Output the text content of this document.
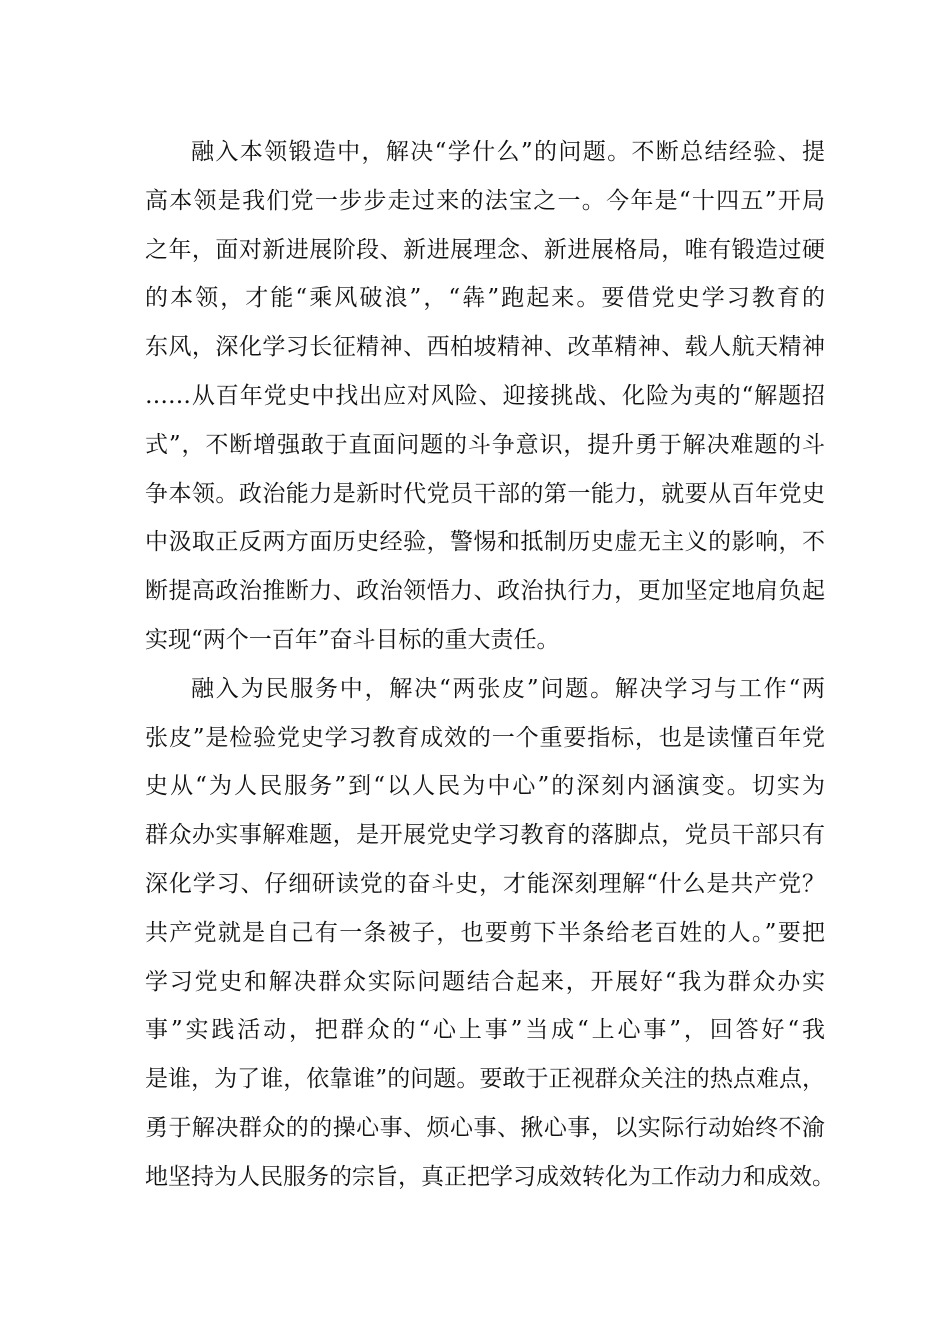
融入本领锻造中，解决“学什么”的问题。不断总结经验、提
高本领是我们党一步步走过来的法宝之一。今年是“十四五”开局
之年，面对新进展阶段、新进展理念、新进展格局，唯有锻造过硬
的本领，才能“乘风破浪”，“犇”跑起来。要借党史学习教育的
东风，深化学习长征精神、西柏坡精神、改革精神、载人航天精神
……从百年党史中找出应对风险、迎接挑战、化险为夷的“解题招
式”，不断增强敢于直面问题的斗争意识，提升勇于解决难题的斗
争本领。政治能力是新时代党员干部的第一能力，就要从百年党史
中汲取正反两方面历史经验，警惕和抵制历史虚无主义的影响，不
断提高政治推断力、政治领悟力、政治执行力，更加坚定地肩负起
实现“两个一百年”奋斗目标的重大责任。
融入为民服务中，解决“两张皮”问题。解决学习与工作“两
张皮”是检验党史学习教育成效的一个重要指标，也是读懂百年党
史从“为人民服务”到“以人民为中心”的深刻内涵演变。切实为
群众办实事解难题，是开展党史学习教育的落脚点，党员干部只有
深化学习、仔细研读党的奋斗史，才能深刻理解“什么是共产党？
共产党就是自己有一条被子，也要剪下半条给老百姓的人。”要把
学习党史和解决群众实际问题结合起来，开展好“我为群众办实
事”实践活动，把群众的“心上事”当成“上心事”，回答好“我
是谁，为了谁，依靠谁”的问题。要敢于正视群众关注的热点难点，
勇于解决群众的的操心事、烦心事、揪心事，以实际行动始终不渝
地坚持为人民服务的宗旨，真正把学习成效转化为工作动力和成效。
